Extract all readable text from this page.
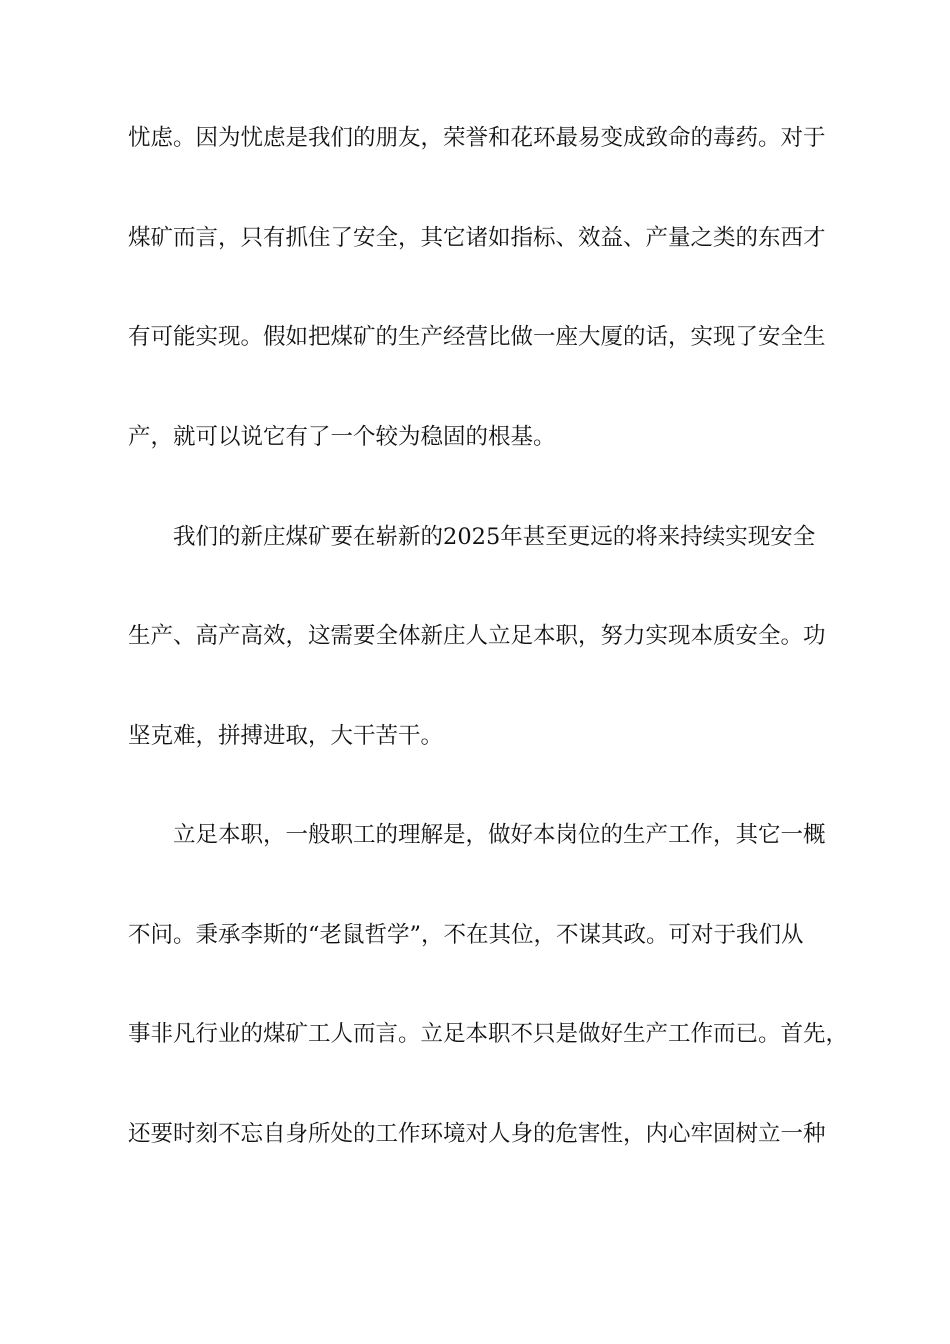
忧虑。因为忧虑是我们的朋友，荣誉和花环最易变成致命的毒药。对于
煤矿而言，只有抓住了安全，其它诸如指标、效益、产量之类的东西才
有可能实现。假如把煤矿的生产经营比做一座大厦的话，实现了安全生
产，就可以说它有了一个较为稳固的根基。
我们的新庄煤矿要在崭新的2025年甚至更远的将来持续实现安全
生产、高产高效，这需要全体新庄人立足本职，努力实现本质安全。功
坚克难，拼搏进取，大干苦干。
立足本职，一般职工的理解是，做好本岗位的生产工作，其它一概
不问。秉承李斯的“老鼠哲学”，不在其位，不谋其政。可对于我们从
事非凡行业的煤矿工人而言。立足本职不只是做好生产工作而已。首先，
还要时刻不忘自身所处的工作环境对人身的危害性，内心牢固树立一种
